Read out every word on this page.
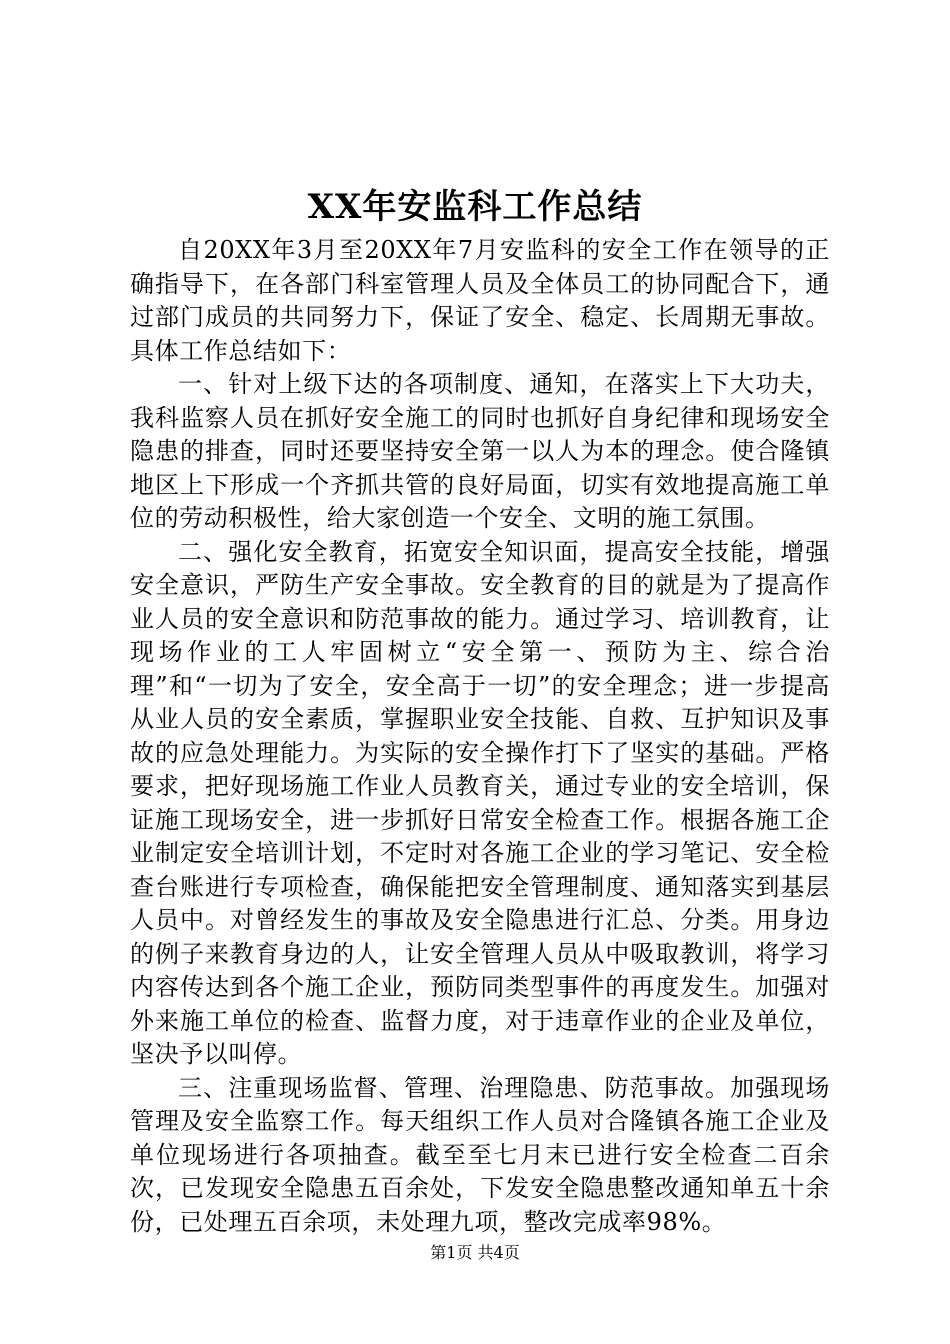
XX年安监科工作总结

自20XX年3月至20XX年7月安监科的安全工作在领导的正确指导下，在各部门科室管理人员及全体员工的协同配合下，通过部门成员的共同努力下，保证了安全、稳定、长周期无事故。具体工作总结如下：

一、针对上级下达的各项制度、通知，在落实上下大功夫，我科监察人员在抓好安全施工的同时也抓好自身纪律和现场安全隐患的排查，同时还要坚持安全第一以人为本的理念。使合隆镇地区上下形成一个齐抓共管的良好局面，切实有效地提高施工单位的劳动积极性，给大家创造一个安全、文明的施工氛围。

二、强化安全教育，拓宽安全知识面，提高安全技能，增强安全意识，严防生产安全事故。安全教育的目的就是为了提高作业人员的安全意识和防范事故的能力。通过学习、培训教育，让现场作业的工人牢固树立“安全第一、预防为主、综合治理”和“一切为了安全，安全高于一切”的安全理念；进一步提高从业人员的安全素质，掌握职业安全技能、自救、互护知识及事故的应急处理能力。为实际的安全操作打下了坚实的基础。严格要求，把好现场施工作业人员教育关，通过专业的安全培训，保证施工现场安全，进一步抓好日常安全检查工作。根据各施工企业制定安全培训计划，不定时对各施工企业的学习笔记、安全检查台账进行专项检查，确保能把安全管理制度、通知落实到基层人员中。对曾经发生的事故及安全隐患进行汇总、分类。用身边的例子来教育身边的人，让安全管理人员从中吸取教训，将学习内容传达到各个施工企业，预防同类型事件的再度发生。加强对外来施工单位的检查、监督力度，对于违章作业的企业及单位，坚决予以叫停。

三、注重现场监督、管理、治理隐患、防范事故。加强现场管理及安全监察工作。每天组织工作人员对合隆镇各施工企业及单位现场进行各项抽查。截至至七月末已进行安全检查二百余次，已发现安全隐患五百余处，下发安全隐患整改通知单五十余份，已处理五百余项，未处理九项，整改完成率98%。

第1页 共4页
